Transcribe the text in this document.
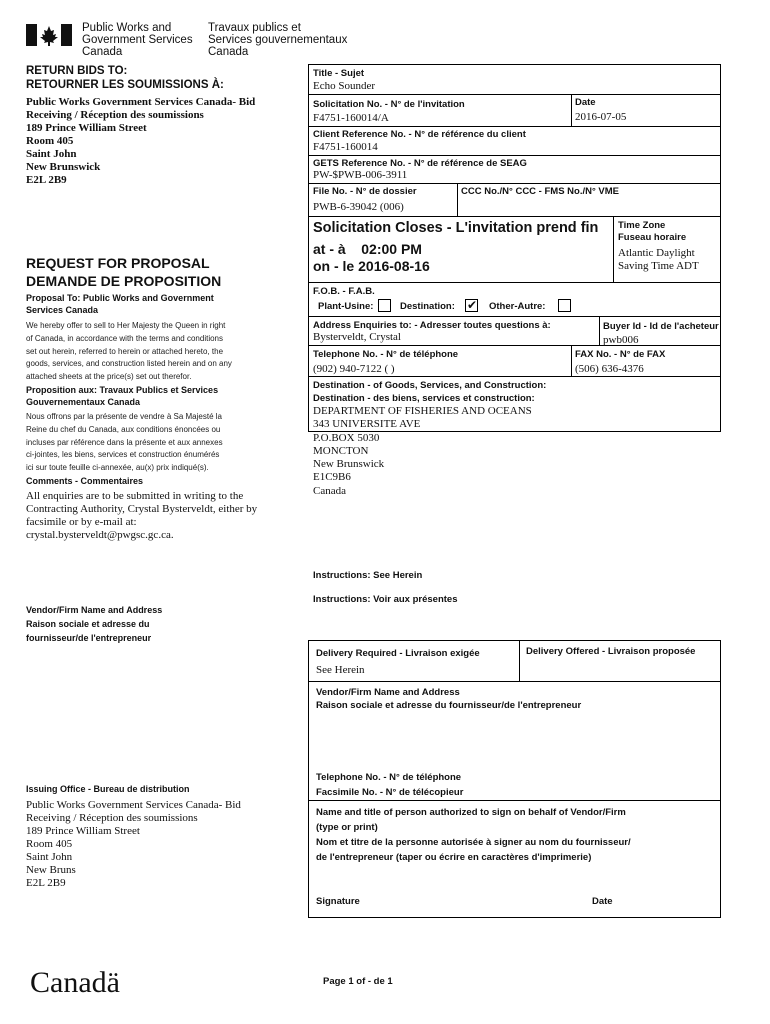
Public Works and
Government Services
Canada
Travaux publics et
Services gouvernementaux
Canada
RETURN BIDS TO:
RETOURNER LES SOUMISSIONS À:
Public Works Government Services Canada- Bid
Receiving / Réception des soumissions
189 Prince William Street
Room 405
Saint John
New Brunswick
E2L 2B9
REQUEST FOR PROPOSAL
DEMANDE DE PROPOSITION
Proposal To: Public Works and Government
Services Canada
We hereby offer to sell to Her Majesty the Queen in right
of Canada, in accordance with the terms and conditions
set out herein, referred to herein or attached hereto, the
goods, services, and construction listed herein and on any
attached sheets at the price(s) set out therefor.
Proposition aux: Travaux Publics et Services
Gouvernementaux Canada
Nous offrons par la présente de vendre à Sa Majesté la
Reine du chef du Canada, aux conditions énoncées ou
incluses par référence dans la présente et aux annexes
ci-jointes, les biens, services et construction énumérés
ici sur toute feuille ci-annexée, au(x) prix indiqué(s).
Comments - Commentaires
All enquiries are to be submitted in writing to the
Contracting Authority, Crystal Bysterveldt, either by
facsimile or by e-mail at:
crystal.bysterveldt@pwgsc.gc.ca.
Vendor/Firm Name and Address
Raison sociale et adresse du
fournisseur/de l'entrepreneur
Issuing Office - Bureau de distribution
Public Works Government Services Canada- Bid
Receiving / Réception des soumissions
189 Prince William Street
Room 405
Saint John
New Bruns
E2L 2B9
Canadä
Title - Sujet
Echo Sounder
Solicitation No. - N° de l'invitation
F4751-160014/A
Date
2016-07-05
Client Reference No. - N° de référence du client
F4751-160014
GETS Reference No. - N° de référence de SEAG
PW-$PWB-006-3911
File No. - N° de dossier
PWB-6-39042 (006)
CCC No./N° CCC - FMS No./N° VME
Solicitation Closes - L'invitation prend fin
at - à 02:00 PM
on - le 2016-08-16
Time Zone
Fuseau horaire
Atlantic Daylight
Saving Time ADT
F.O.B. - F.A.B.
Plant-Usine:	Destination: ✔ Other-Autre:
Address Enquiries to: - Adresser toutes questions à:
Bysterveldt, Crystal
Buyer Id - Id de l'acheteur
pwb006
Telephone No. - N° de téléphone
(902) 940-7122 ( )
FAX No. - N° de FAX
(506) 636-4376
Destination - of Goods, Services, and Construction:
Destination - des biens, services et construction:
DEPARTMENT OF FISHERIES AND OCEANS
343 UNIVERSITE AVE
P.O.BOX 5030
MONCTON
New Brunswick
E1C9B6
Canada
Instructions: See Herein
Instructions: Voir aux présentes
Delivery Required - Livraison exigée
See Herein
Delivery Offered - Livraison proposée
Vendor/Firm Name and Address
Raison sociale et adresse du fournisseur/de l'entrepreneur
Telephone No. - N° de téléphone
Facsimile No. - N° de télécopieur
Name and title of person authorized to sign on behalf of Vendor/Firm
(type or print)
Nom et titre de la personne autorisée à signer au nom du fournisseur/
de l'entrepreneur (taper ou écrire en caractères d'imprimerie)
Signature	Date
Page 1 of - de 1
